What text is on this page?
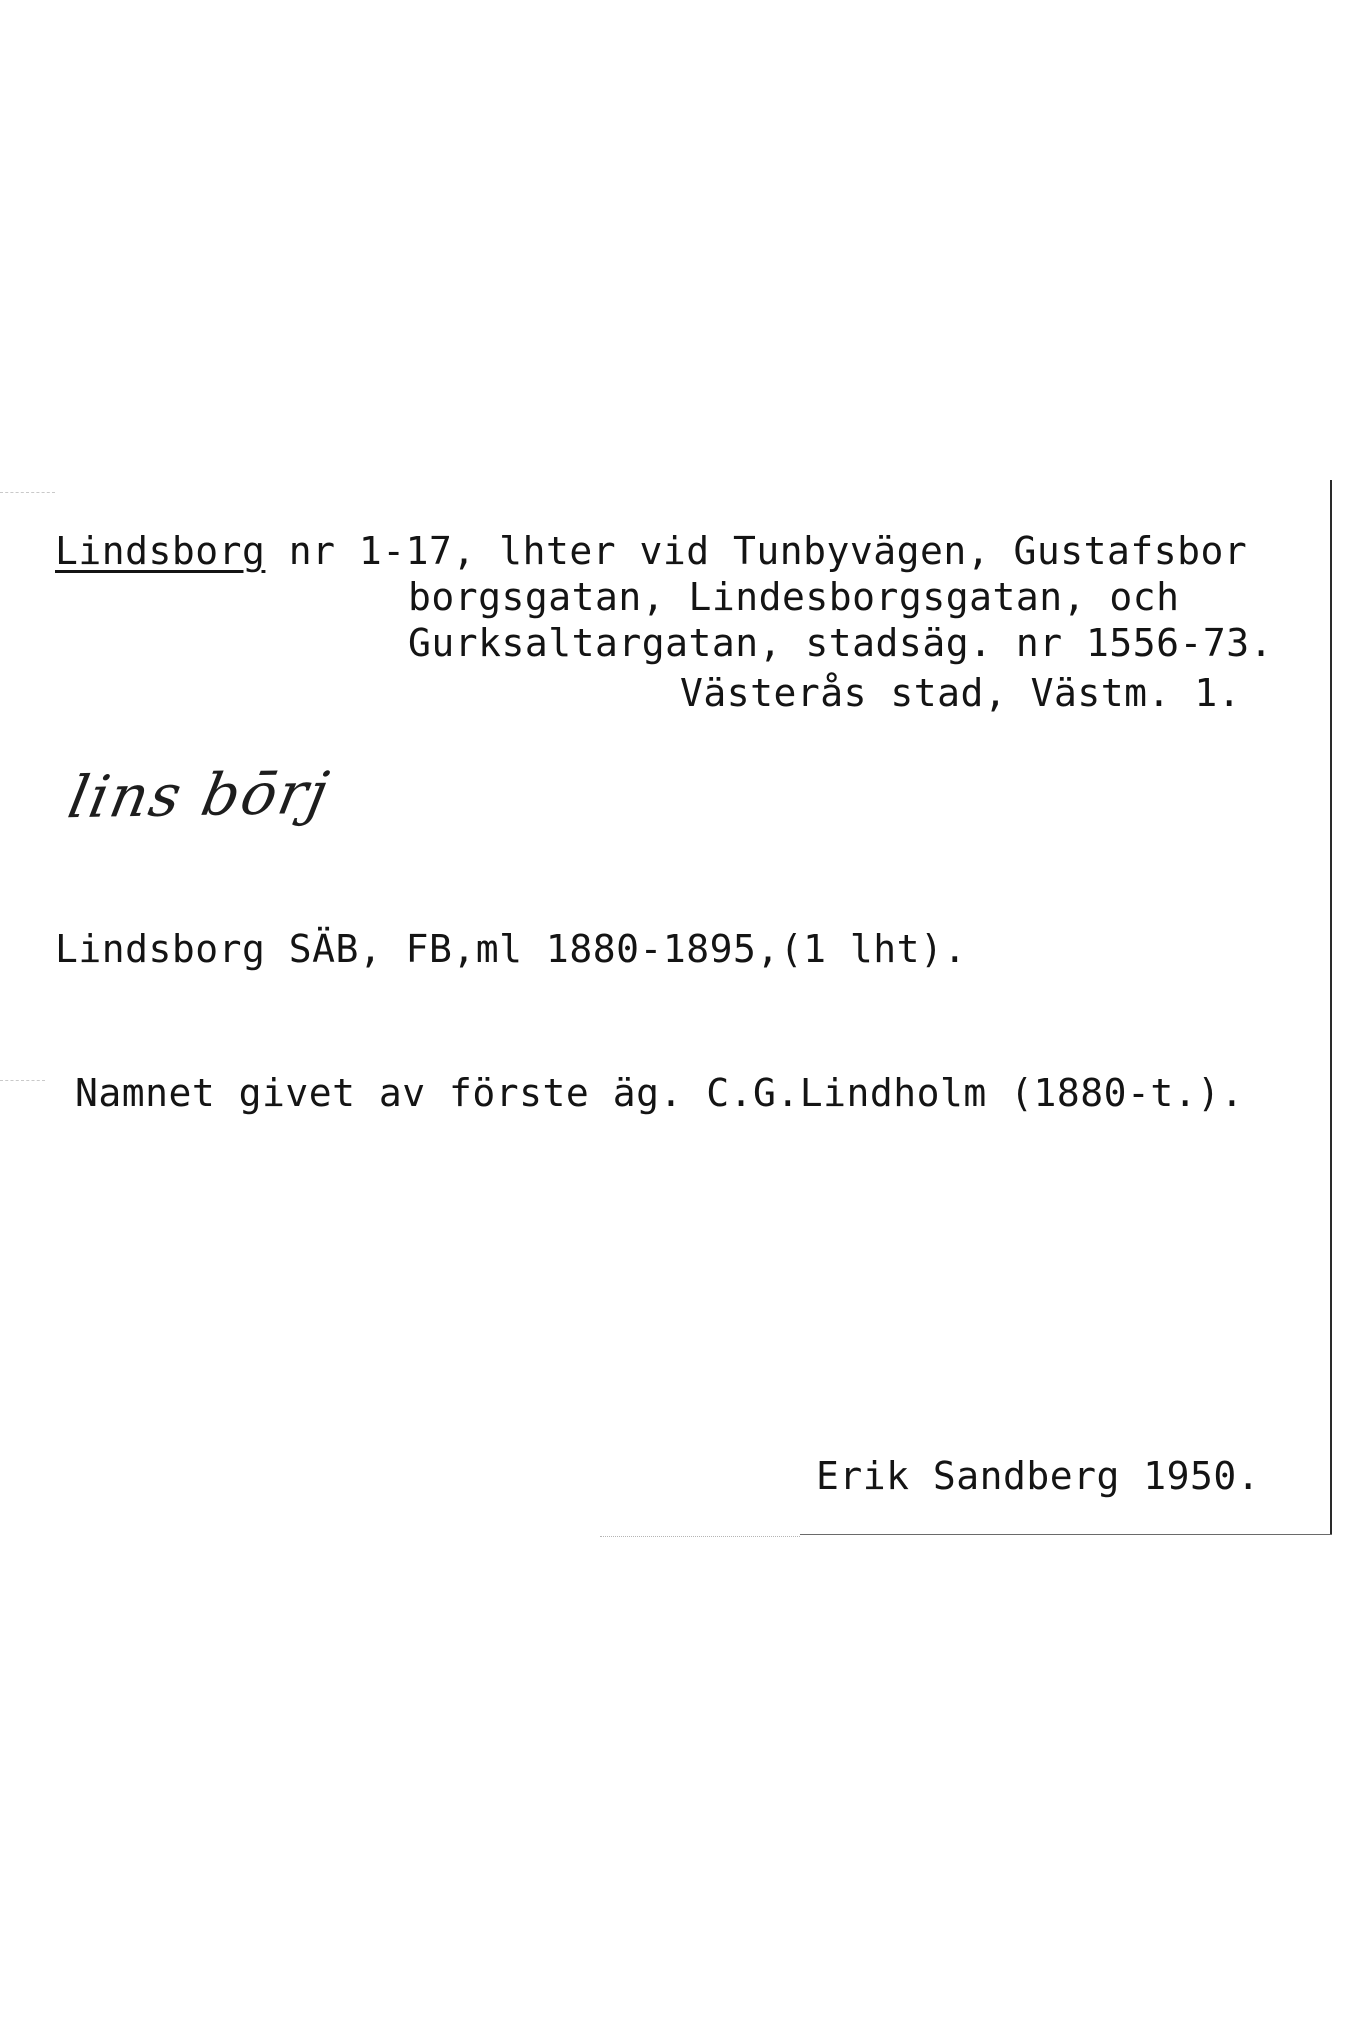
Lindsborg nr 1-17, lhter vid Tunbyvägen, Gustafsbor
borgsgatan, Lindesborgsgatan, och
Gurksaltargatan, stadsäg. nr 1556-73.
Västerås stad, Västm. 1.
lins bōrj
Lindsborg SÄB, FB,ml 1880-1895,(1 lht).
Namnet givet av förste äg. C.G.Lindholm (1880-t.).
Erik Sandberg 1950.
